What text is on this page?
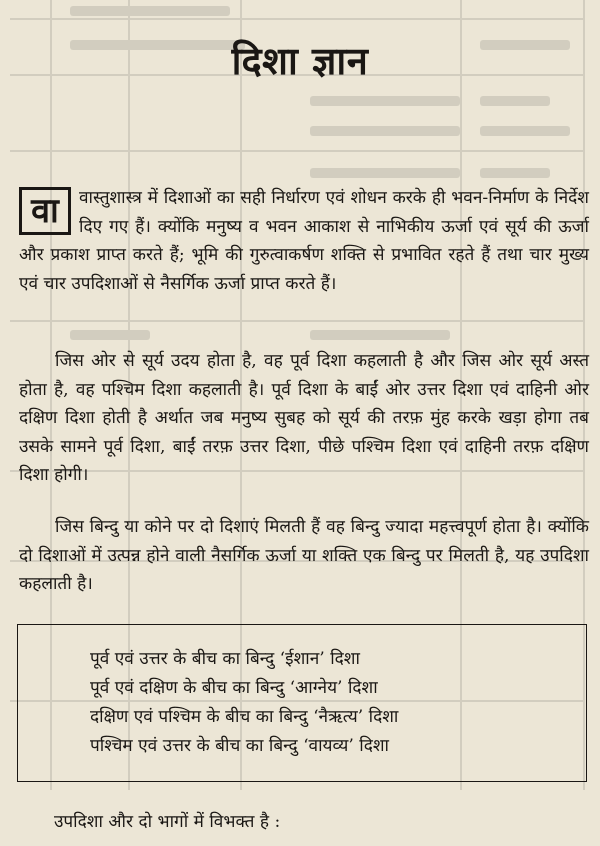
दिशा ज्ञान

वा	वास्तुशास्त्र में दिशाओं का सही निर्धारण एवं शोधन करके ही भवन-निर्माण के निर्देश दिए गए हैं। क्योंकि मनुष्य व भवन आकाश से नाभिकीय ऊर्जा एवं सूर्य की ऊर्जा और प्रकाश प्राप्त करते हैं; भूमि की गुरुत्वाकर्षण शक्ति से प्रभावित रहते हैं तथा चार मुख्य एवं चार उपदिशाओं से नैसर्गिक ऊर्जा प्राप्त करते हैं।

जिस ओर से सूर्य उदय होता है, वह पूर्व दिशा कहलाती है और जिस ओर सूर्य अस्त होता है, वह पश्चिम दिशा कहलाती है। पूर्व दिशा के बाईं ओर उत्तर दिशा एवं दाहिनी ओर दक्षिण दिशा होती है अर्थात जब मनुष्य सुबह को सूर्य की तरफ़ मुंह करके खड़ा होगा तब उसके सामने पूर्व दिशा, बाईं तरफ़ उत्तर दिशा, पीछे पश्चिम दिशा एवं दाहिनी तरफ़ दक्षिण दिशा होगी।

जिस बिन्दु या कोने पर दो दिशाएं मिलती हैं वह बिन्दु ज्यादा महत्त्वपूर्ण होता है। क्योंकि दो दिशाओं में उत्पन्न होने वाली नैसर्गिक ऊर्जा या शक्ति एक बिन्दु पर मिलती है, यह उपदिशा कहलाती है।

पूर्व एवं उत्तर के बीच का बिन्दु ‘ईशान’ दिशा

पूर्व एवं दक्षिण के बीच का बिन्दु ‘आग्नेय’ दिशा

दक्षिण एवं पश्चिम के बीच का बिन्दु ‘नैऋत्य’ दिशा

पश्चिम एवं उत्तर के बीच का बिन्दु ‘वायव्य’ दिशा

उपदिशा और दो भागों में विभक्त है :
